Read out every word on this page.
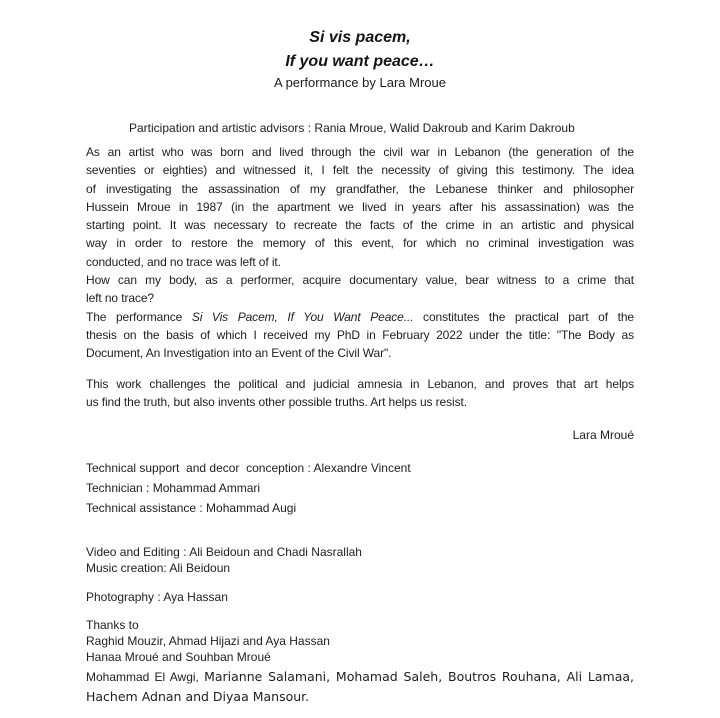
Si vis pacem,
If you want peace…
A performance by Lara Mroue
Participation and artistic advisors : Rania Mroue, Walid Dakroub and Karim Dakroub
As an artist who was born and lived through the civil war in Lebanon (the generation of the
seventies or eighties) and witnessed it, I felt the necessity of giving this testimony. The idea
of investigating the assassination of my grandfather, the Lebanese thinker and philosopher
Hussein Mroue in 1987 (in the apartment we lived in years after his assassination) was the
starting point. It was necessary to recreate the facts of the crime in an artistic and physical
way in order to restore the memory of this event, for which no criminal investigation was
conducted, and no trace was left of it.
How can my body, as a performer, acquire documentary value, bear witness to a crime that
left no trace?
The performance Si Vis Pacem, If You Want Peace... constitutes the practical part of the
thesis on the basis of which I received my PhD in February 2022 under the title: "The Body as
Document, An Investigation into an Event of the Civil War".
This work challenges the political and judicial amnesia in Lebanon, and proves that art helps
us find the truth, but also invents other possible truths. Art helps us resist.
Lara Mroué
Technical support  and decor  conception : Alexandre Vincent
Technician : Mohammad Ammari
Technical assistance : Mohammad Augi
Video and Editing : Ali Beidoun and Chadi Nasrallah
Music creation: Ali Beidoun
Photography : Aya Hassan
Thanks to
Raghid Mouzir, Ahmad Hijazi and Aya Hassan
Hanaa Mroué and Souhban Mroué
Mohammad El Awgi, Marianne Salamani, Mohamad Saleh, Boutros Rouhana, Ali Lamaa,
Hachem Adnan and Diyaa Mansour.
